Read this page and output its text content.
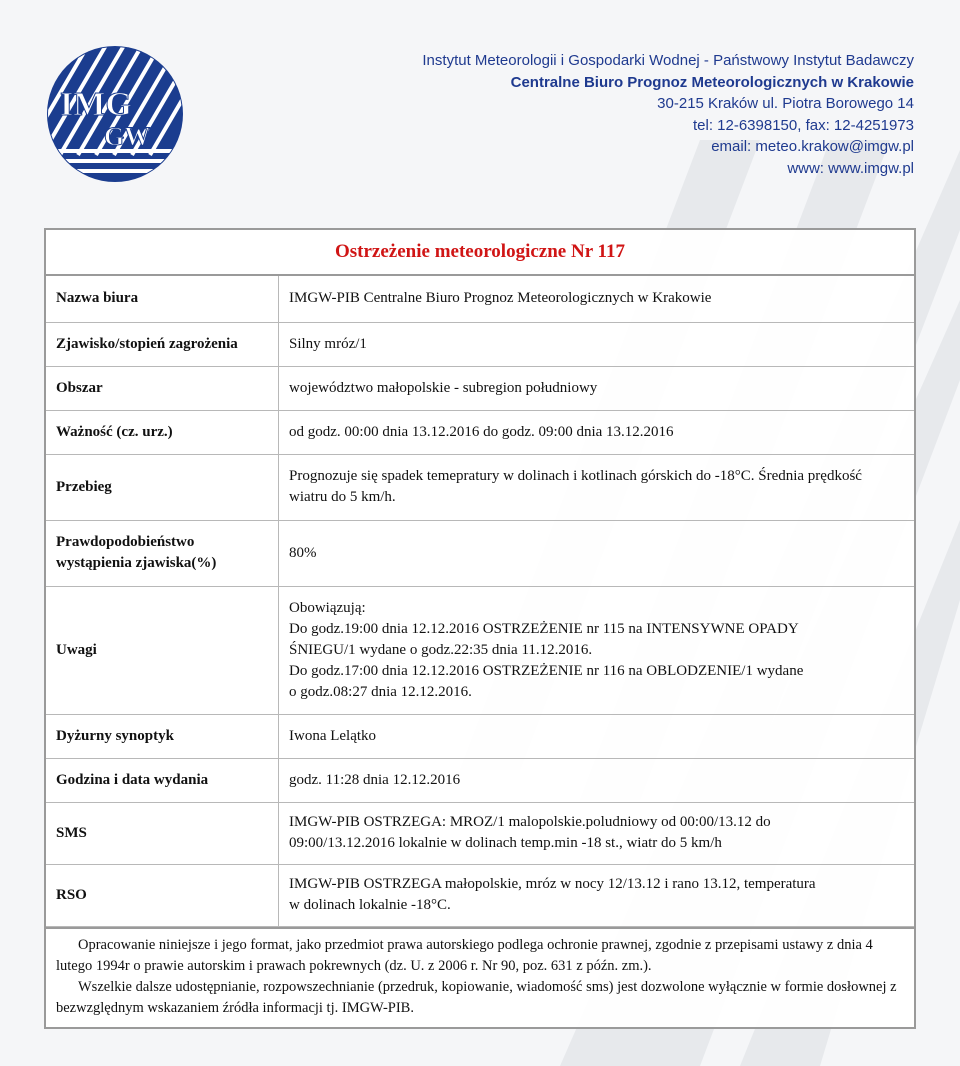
IMG
GW
Instytut Meteorologii i Gospodarki Wodnej - Państwowy Instytut Badawczy
Centralne Biuro Prognoz Meteorologicznych w Krakowie
30-215 Kraków ul. Piotra Borowego 14
tel: 12-6398150, fax: 12-4251973
email: meteo.krakow@imgw.pl
www: www.imgw.pl
Ostrzeżenie meteorologiczne Nr 117
Nazwa biura	IMGW-PIB Centralne Biuro Prognoz Meteorologicznych w Krakowie

Zjawisko/stopień zagrożenia	Silny mróz/1

Obszar	województwo małopolskie - subregion południowy

Ważność (cz. urz.)	od godz. 00:00 dnia 13.12.2016 do godz. 09:00 dnia 13.12.2016

Przebieg	Prognozuje się spadek temepratury w dolinach i kotlinach górskich do -18°C. Średnia prędkość
wiatru do 5 km/h.

Prawdopodobieństwo wystąpienia zjawiska(%)	80%

Uwagi	Obowiązują:
Do godz.19:00 dnia 12.12.2016 OSTRZEŻENIE nr 115 na INTENSYWNE OPADY
ŚNIEGU/1 wydane o godz.22:35 dnia 11.12.2016.
Do godz.17:00 dnia 12.12.2016 OSTRZEŻENIE nr 116 na OBLODZENIE/1 wydane
o godz.08:27 dnia 12.12.2016.

Dyżurny synoptyk	Iwona Lelątko

Godzina i data wydania	godz. 11:28 dnia 12.12.2016

SMS	IMGW-PIB OSTRZEGA: MROZ/1 malopolskie.poludniowy od 00:00/13.12 do
09:00/13.12.2016 lokalnie w dolinach temp.min -18 st., wiatr do 5 km/h

RSO	IMGW-PIB OSTRZEGA małopolskie, mróz w nocy 12/13.12 i rano 13.12, temperatura
w dolinach lokalnie -18°C.

Opracowanie niniejsze i jego format, jako przedmiot prawa autorskiego podlega ochronie prawnej, zgodnie z przepisami ustawy z dnia 4 lutego 1994r o prawie autorskim i prawach pokrewnych (dz. U. z 2006 r. Nr 90, poz. 631 z późn. zm.).

Wszelkie dalsze udostępnianie, rozpowszechnianie (przedruk, kopiowanie, wiadomość sms) jest dozwolone wyłącznie w formie dosłownej z bezwzględnym wskazaniem źródła informacji tj. IMGW-PIB.
